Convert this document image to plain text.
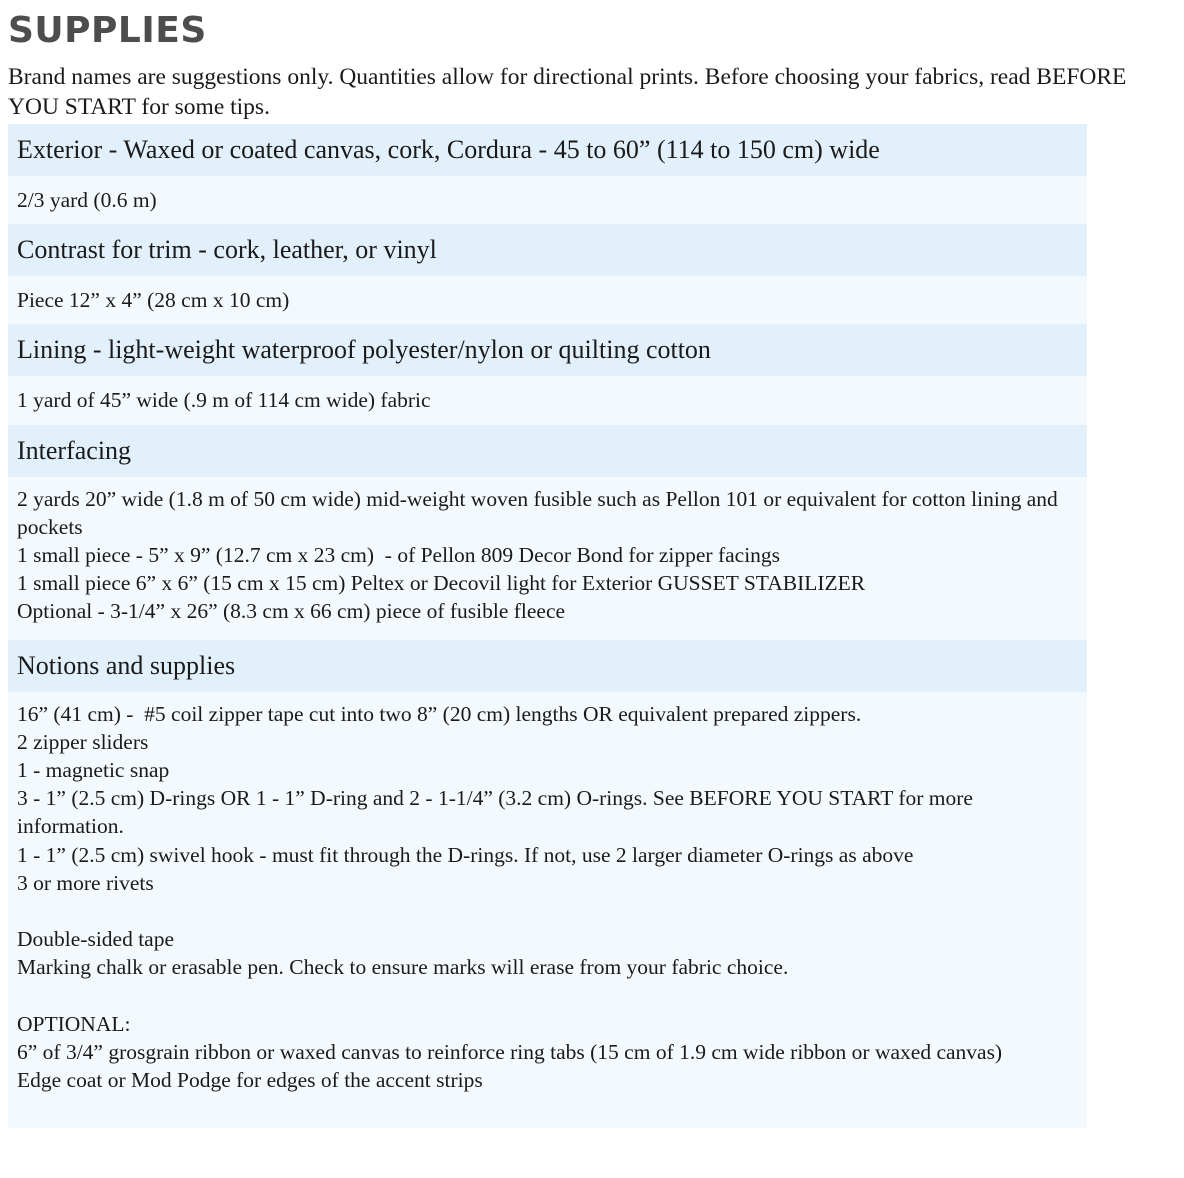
SUPPLIES

Brand names are suggestions only. Quantities allow for directional prints. Before choosing your fabrics, read BEFORE YOU START for some tips.

Exterior - Waxed or coated canvas, cork, Cordura - 45 to 60” (114 to 150 cm) wide
2/3 yard (0.6 m)
Contrast for trim - cork, leather, or vinyl
Piece 12” x 4” (28 cm x 10 cm)
Lining - light-weight waterproof polyester/nylon or quilting cotton
1 yard of 45” wide (.9 m of 114 cm wide) fabric
Interfacing
2 yards 20” wide (1.8 m of 50 cm wide) mid-weight woven fusible such as Pellon 101 or equivalent for cotton lining and pockets
1 small piece - 5” x 9” (12.7 cm x 23 cm)  - of Pellon 809 Decor Bond for zipper facings
1 small piece 6” x 6” (15 cm x 15 cm) Peltex or Decovil light for Exterior GUSSET STABILIZER
Optional - 3-1/4” x 26” (8.3 cm x 66 cm) piece of fusible fleece
Notions and supplies
16” (41 cm) -  #5 coil zipper tape cut into two 8” (20 cm) lengths OR equivalent prepared zippers.
2 zipper sliders
1 - magnetic snap
3 - 1” (2.5 cm) D-rings OR 1 - 1” D-ring and 2 - 1-1/4” (3.2 cm) O-rings. See BEFORE YOU START for more information.
1 - 1” (2.5 cm) swivel hook - must fit through the D-rings. If not, use 2 larger diameter O-rings as above
3 or more rivets

Double-sided tape
Marking chalk or erasable pen. Check to ensure marks will erase from your fabric choice.

OPTIONAL:
6” of 3/4” grosgrain ribbon or waxed canvas to reinforce ring tabs (15 cm of 1.9 cm wide ribbon or waxed canvas)
Edge coat or Mod Podge for edges of the accent strips
